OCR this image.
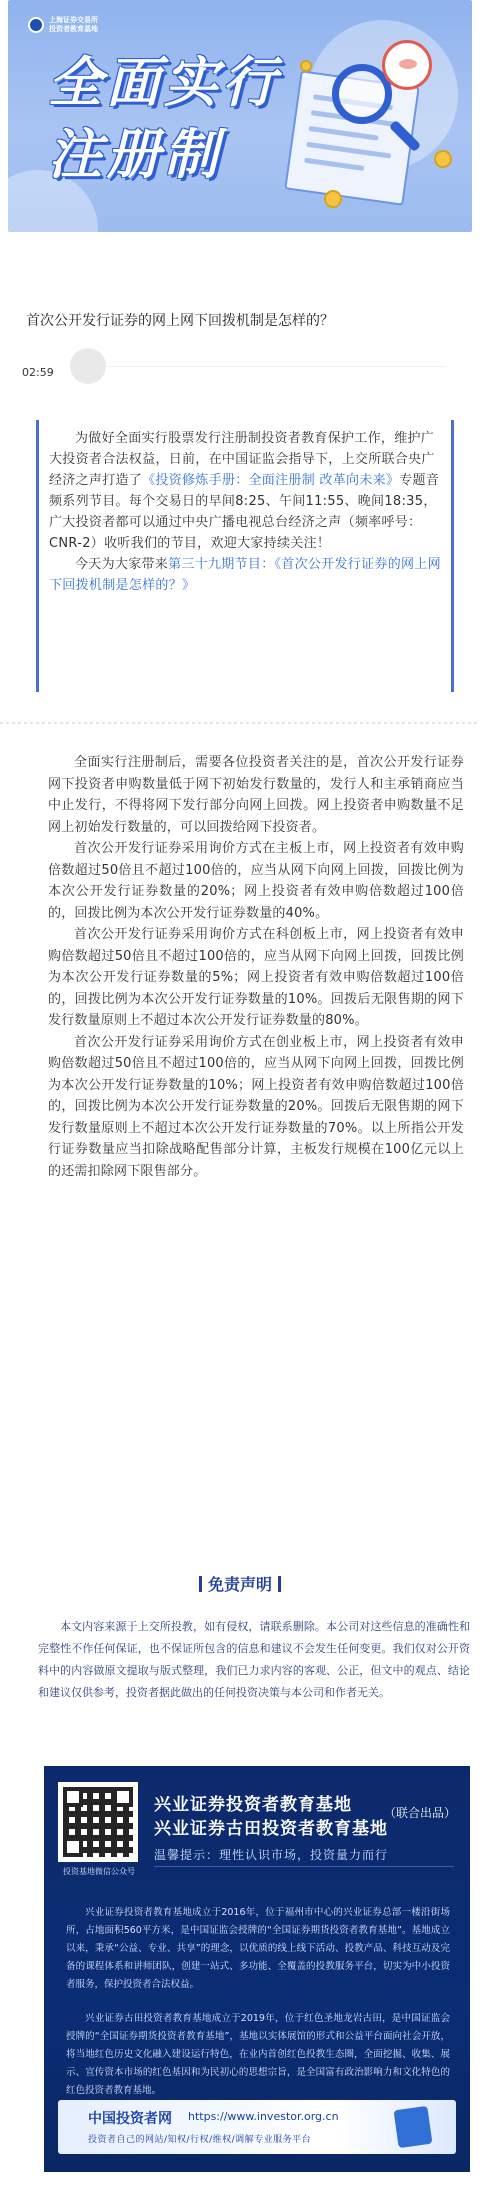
上海证券交易所
投资者教育基地
全面实行
注册制
首次公开发行证券的网上网下回拨机制是怎样的？
02:59

为做好全面实行股票发行注册制投资者教育保护工作，维护广大投资者合法权益，日前，在中国证监会指导下，上交所联合央广经济之声打造了《投资修炼手册：全面注册制 改革向未来》专题音频系列节目。每个交易日的早间8:25、午间11:55、晚间18:35，广大投资者都可以通过中央广播电视总台经济之声（频率呼号：CNR-2）收听我们的节目，欢迎大家持续关注！

今天为大家带来第三十九期节目：《首次公开发行证券的网上网下回拨机制是怎样的？》

全面实行注册制后，需要各位投资者关注的是，首次公开发行证券网下投资者申购数量低于网下初始发行数量的，发行人和主承销商应当中止发行，不得将网下发行部分向网上回拨。网上投资者申购数量不足网上初始发行数量的，可以回拨给网下投资者。

首次公开发行证券采用询价方式在主板上市，网上投资者有效申购倍数超过50倍且不超过100倍的，应当从网下向网上回拨，回拨比例为本次公开发行证券数量的20%；网上投资者有效申购倍数超过100倍的，回拨比例为本次公开发行证券数量的40%。

首次公开发行证券采用询价方式在科创板上市，网上投资者有效申购倍数超过50倍且不超过100倍的，应当从网下向网上回拨，回拨比例为本次公开发行证券数量的5%；网上投资者有效申购倍数超过100倍的，回拨比例为本次公开发行证券数量的10%。回拨后无限售期的网下发行数量原则上不超过本次公开发行证券数量的80%。

首次公开发行证券采用询价方式在创业板上市，网上投资者有效申购倍数超过50倍且不超过100倍的，应当从网下向网上回拨，回拨比例为本次公开发行证券数量的10%；网上投资者有效申购倍数超过100倍的，回拨比例为本次公开发行证券数量的20%。回拨后无限售期的网下发行数量原则上不超过本次公开发行证券数量的70%。以上所指公开发行证券数量应当扣除战略配售部分计算，主板发行规模在100亿元以上的还需扣除网下限售部分。

免责声明
本文内容来源于上交所投教，如有侵权，请联系删除。本公司对这些信息的准确性和完整性不作任何保证，也不保证所包含的信息和建议不会发生任何变更。我们仅对公开资料中的内容做原文提取与版式整理，我们已力求内容的客观、公正，但文中的观点、结论和建议仅供参考，投资者据此做出的任何投资决策与本公司和作者无关。
投资基地微信公众号
兴业证券投资者教育基地
兴业证券古田投资者教育基地
（联合出品）
温馨提示：理性认识市场，投资量力而行
兴业证券投资者教育基地成立于2016年，位于福州市中心的兴业证券总部一楼沿街场所，占地面积560平方米，是中国证监会授牌的“全国证券期货投资者教育基地”。基地成立以来，秉承“公益、专业、共享”的理念，以优质的线上线下活动、投教产品、科技互动及完备的课程体系和讲师团队，创建一站式、多功能、全覆盖的投教服务平台，切实为中小投资者服务，保护投资者合法权益。
兴业证券古田投资者教育基地成立于2019年，位于红色圣地龙岩古田，是中国证监会授牌的“全国证券期货投资者教育基地”，基地以实体展馆的形式和公益平台面向社会开放，将当地红色历史文化融入建设运行特色，在业内首创红色投教生态圈，全面挖掘、收集、展示、宣传资本市场的红色基因和为民初心的思想宗旨，是全国富有政治影响力和文化特色的红色投资者教育基地。
中国投资者网 https://www.investor.org.cn
投资者自己的网站/知权/行权/维权/调解专业服务平台
